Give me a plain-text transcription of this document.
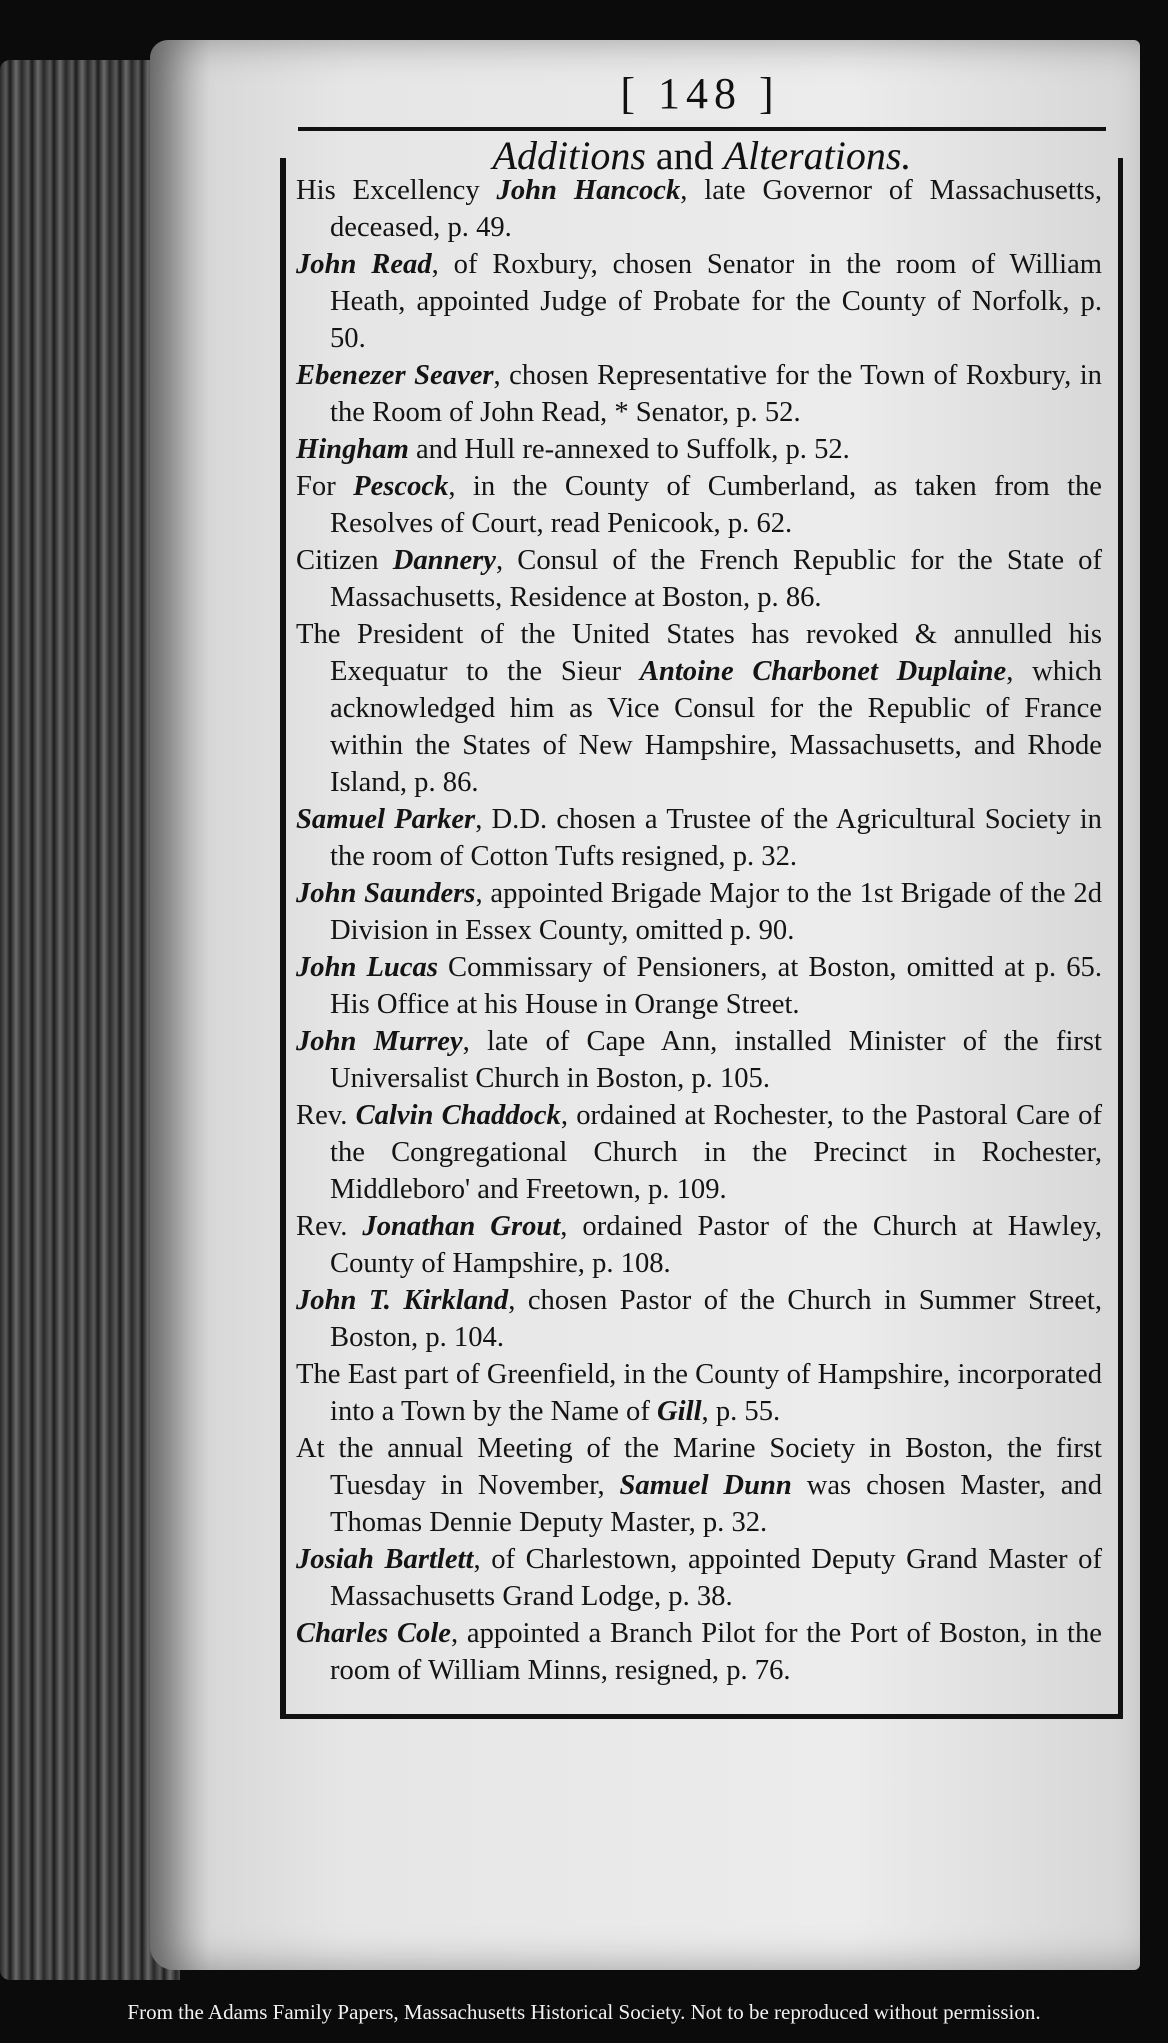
[ 148 ]
Additions and Alterations.

His Excellency John Hancock, late Governor of Massachusetts, deceased, p. 49.

John Read, of Roxbury, chosen Senator in the room of William Heath, appointed Judge of Probate for the County of Norfolk, p. 50.

Ebenezer Seaver, chosen Representative for the Town of Roxbury, in the Room of John Read, * Senator, p. 52.

Hingham and Hull re-annexed to Suffolk, p. 52.

For Pescock, in the County of Cumberland, as taken from the Resolves of Court, read Penicook, p. 62.

Citizen Dannery, Consul of the French Republic for the State of Massachusetts, Residence at Boston, p. 86.

The President of the United States has revoked & annulled his Exequatur to the Sieur Antoine Charbonet Duplaine, which acknowledged him as Vice Consul for the Republic of France within the States of New Hampshire, Massachusetts, and Rhode Island, p. 86.

Samuel Parker, D.D. chosen a Trustee of the Agricultural Society in the room of Cotton Tufts resigned, p. 32.

John Saunders, appointed Brigade Major to the 1st Brigade of the 2d Division in Essex County, omitted p. 90.

John Lucas Commissary of Pensioners, at Boston, omitted at p. 65. His Office at his House in Orange Street.

John Murrey, late of Cape Ann, installed Minister of the first Universalist Church in Boston, p. 105.

Rev. Calvin Chaddock, ordained at Rochester, to the Pastoral Care of the Congregational Church in the Precinct in Rochester, Middleboro' and Freetown, p. 109.

Rev. Jonathan Grout, ordained Pastor of the Church at Hawley, County of Hampshire, p. 108.

John T. Kirkland, chosen Pastor of the Church in Summer Street, Boston, p. 104.

The East part of Greenfield, in the County of Hampshire, incorporated into a Town by the Name of Gill, p. 55.

At the annual Meeting of the Marine Society in Boston, the first Tuesday in November, Samuel Dunn was chosen Master, and Thomas Dennie Deputy Master, p. 32.

Josiah Bartlett, of Charlestown, appointed Deputy Grand Master of Massachusetts Grand Lodge, p. 38.

Charles Cole, appointed a Branch Pilot for the Port of Boston, in the room of William Minns, resigned, p. 76.

From the Adams Family Papers, Massachusetts Historical Society. Not to be reproduced without permission.
